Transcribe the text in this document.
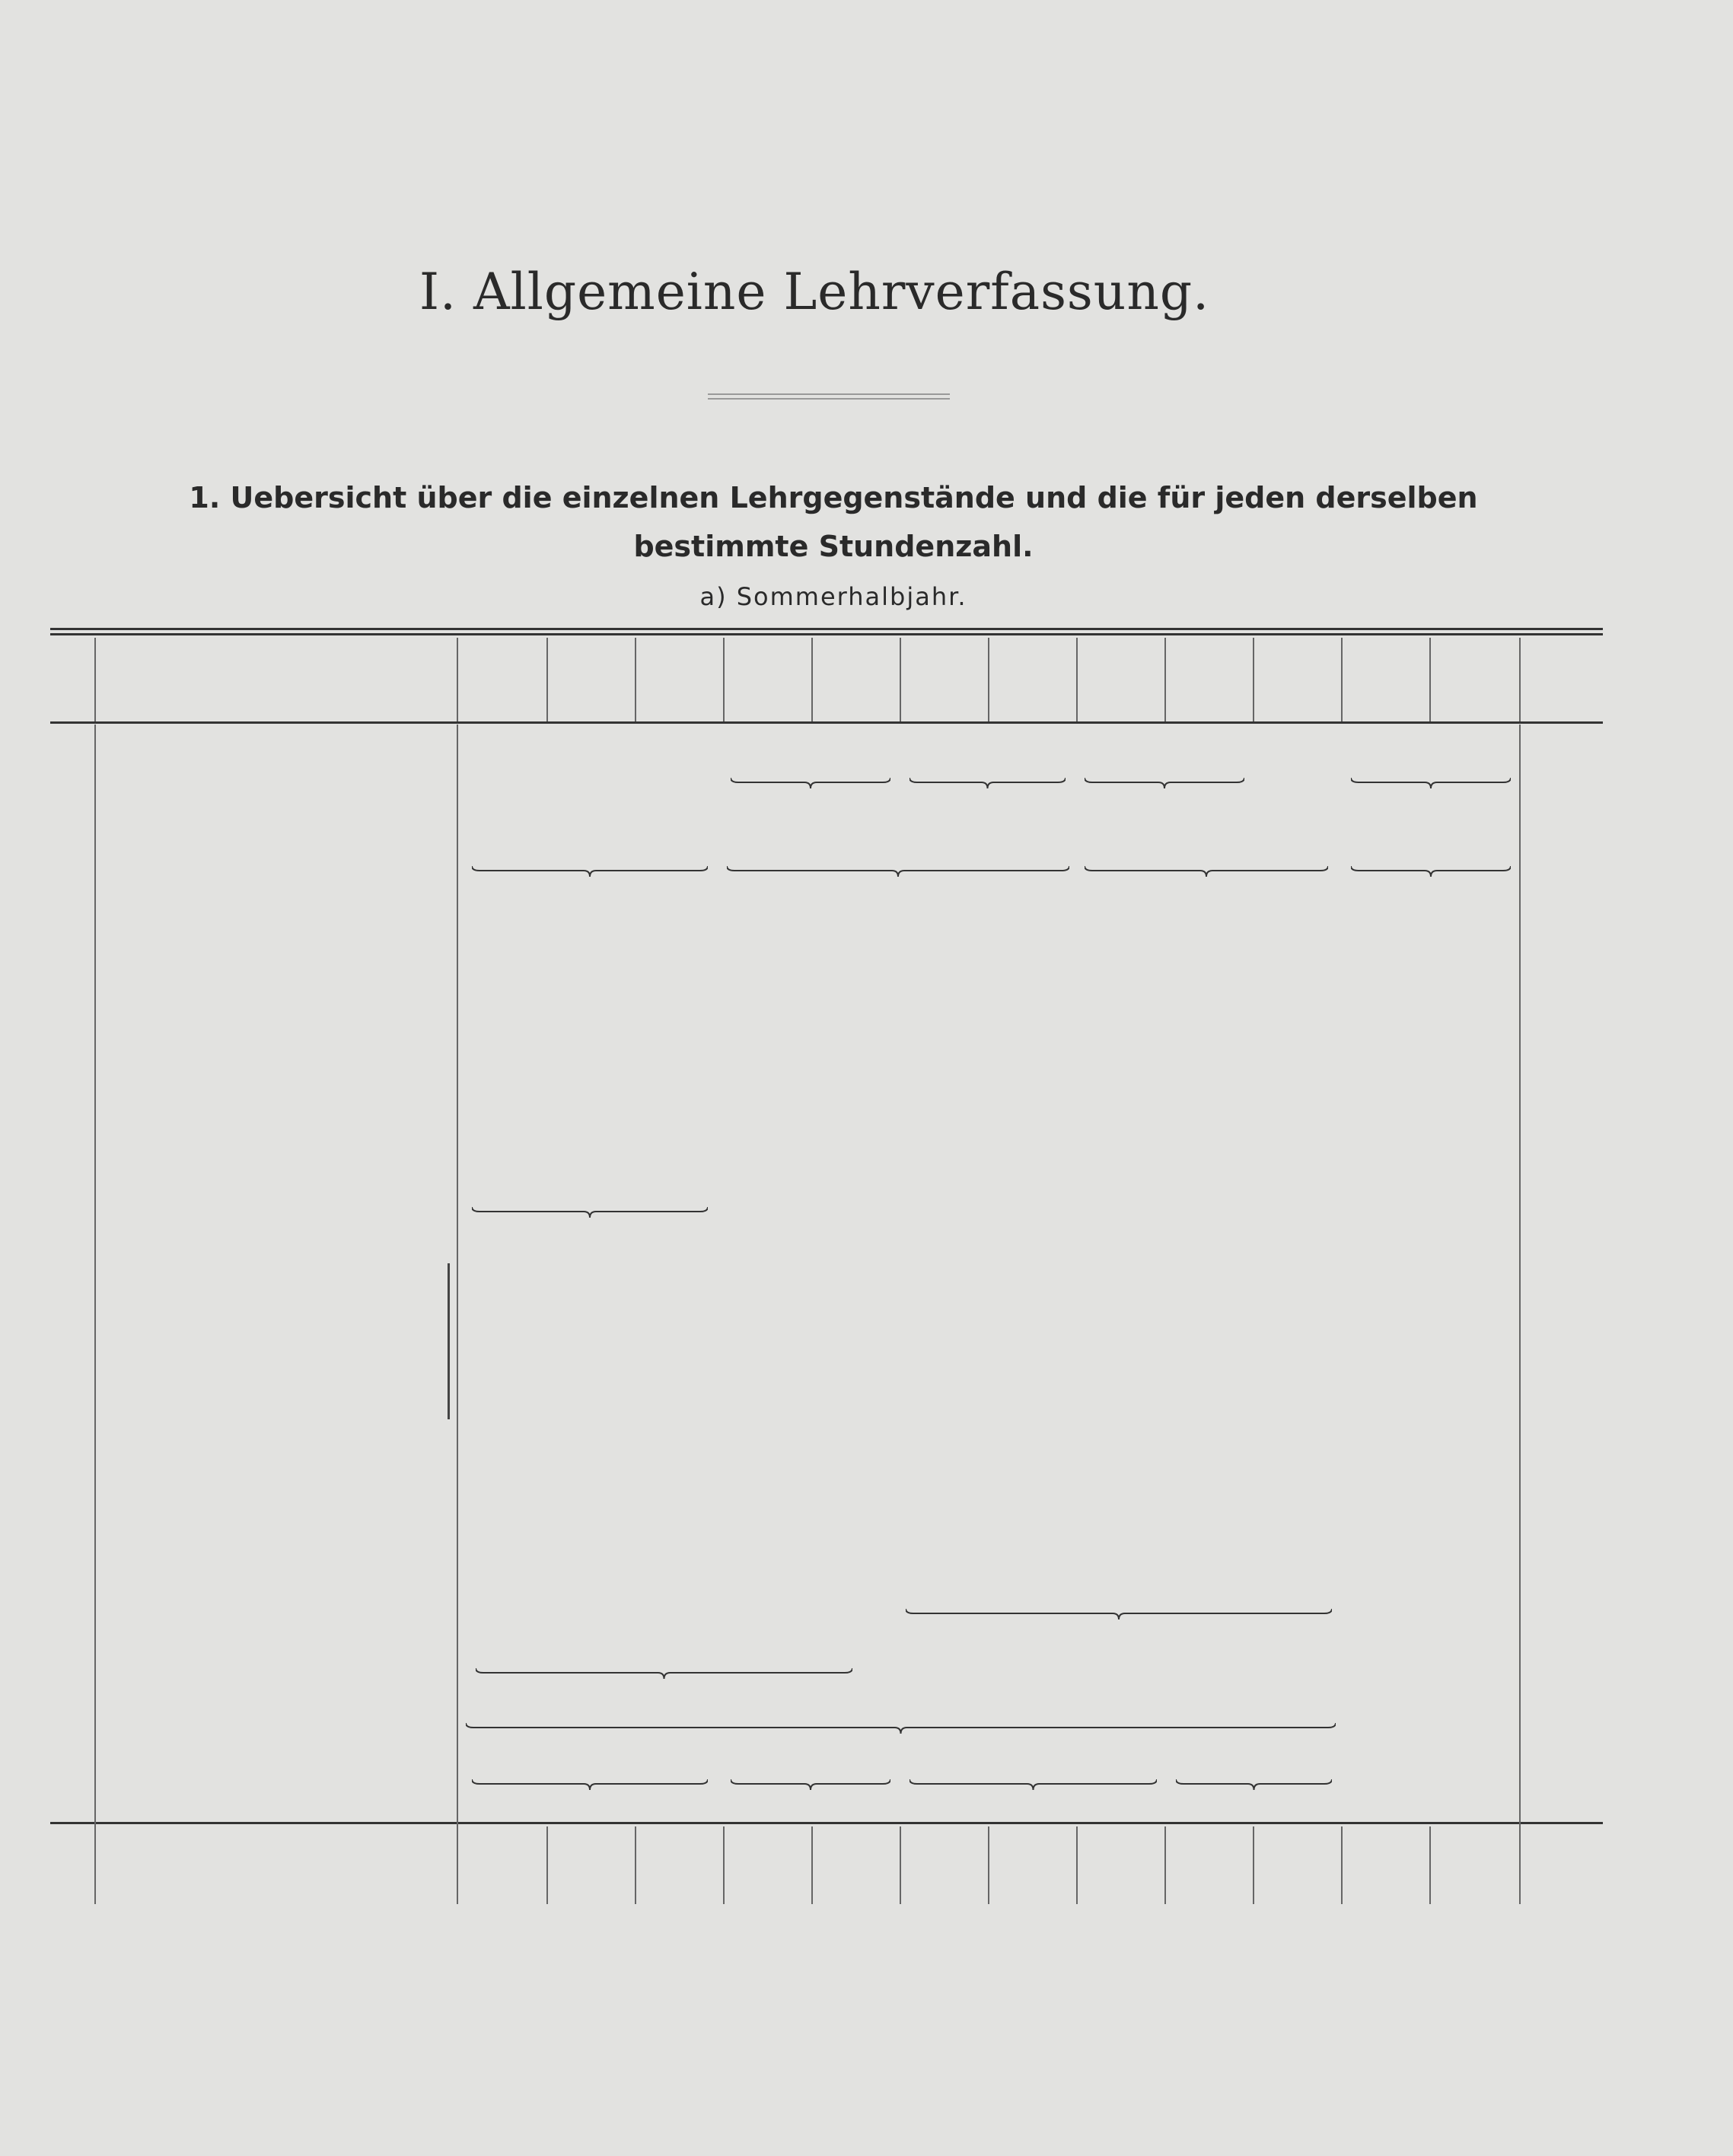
I. Allgemeine Lehrverfassung.
1. Uebersicht über die einzelnen Lehrgegenstände und die für jeden derselben bestimmte Stundenzahl.
a) Sommerhalbjahr.
